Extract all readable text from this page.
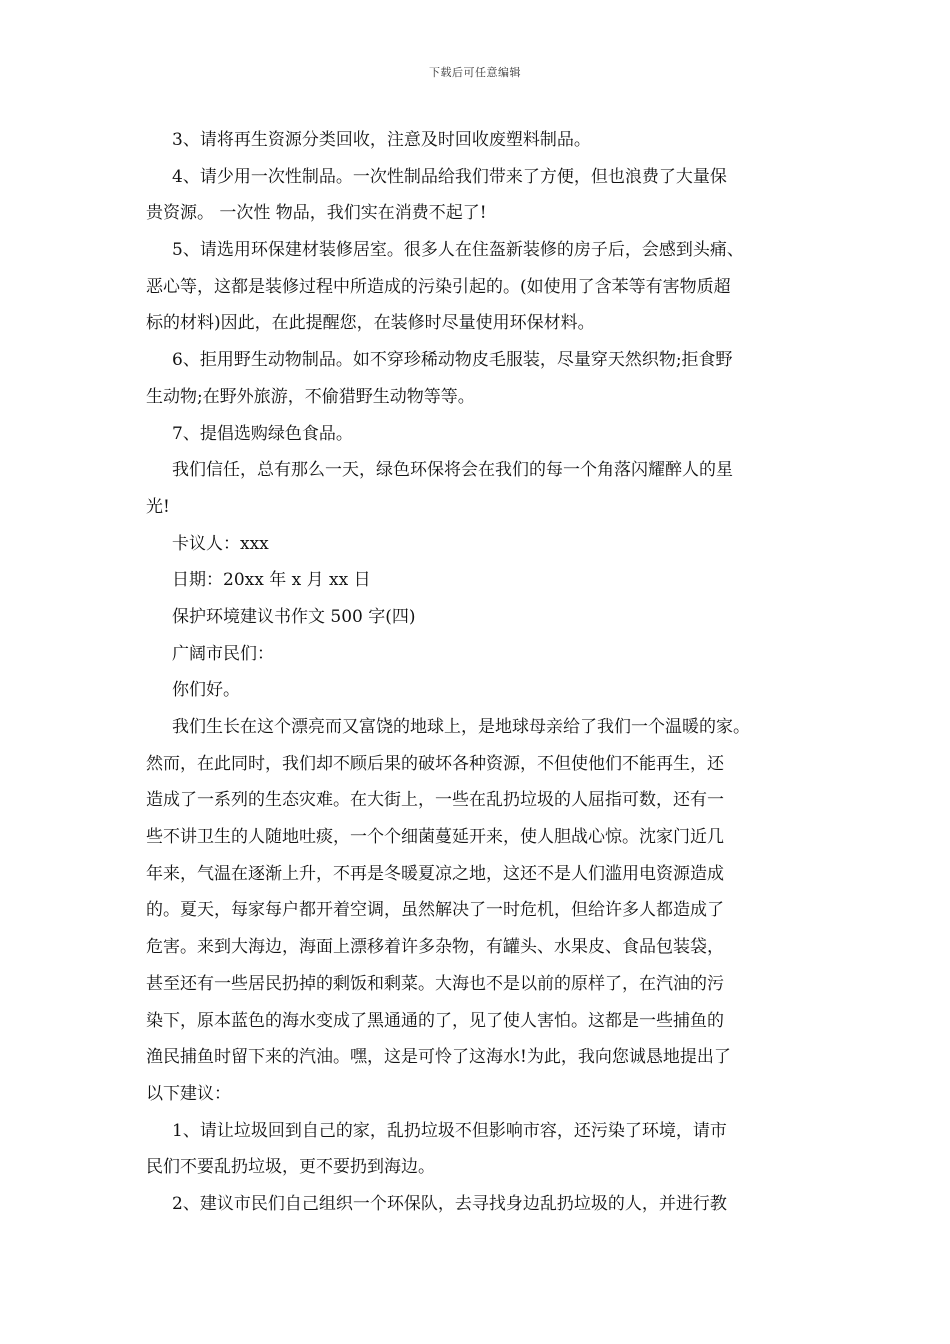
下载后可任意编辑
3、请将再生资源分类回收，注意及时回收废塑料制品。
4、请少用一次性制品。一次性制品给我们带来了方便，但也浪费了大量保
贵资源。 一次性 物品，我们实在消费不起了!
5、请选用环保建材装修居室。很多人在住盔新装修的房子后，会感到头痛、
恶心等，这都是装修过程中所造成的污染引起的。(如使用了含苯等有害物质超
标的材料)因此，在此提醒您，在装修时尽量使用环保材料。
6、拒用野生动物制品。如不穿珍稀动物皮毛服装，尽量穿天然织物;拒食野
生动物;在野外旅游，不偷猎野生动物等等。
7、提倡选购绿色食品。
我们信任，总有那么一天，绿色环保将会在我们的每一个角落闪耀醉人的星
光!
卡议人：xxx
日期：20xx 年 x 月 xx 日
保护环境建议书作文 500 字(四)
广阔市民们：
你们好。
我们生长在这个漂亮而又富饶的地球上，是地球母亲给了我们一个温暖的家。
然而，在此同时，我们却不顾后果的破坏各种资源，不但使他们不能再生，还
造成了一系列的生态灾难。在大街上，一些在乱扔垃圾的人屈指可数，还有一
些不讲卫生的人随地吐痰，一个个细菌蔓延开来，使人胆战心惊。沈家门近几
年来，气温在逐渐上升，不再是冬暖夏凉之地，这还不是人们滥用电资源造成
的。夏天，每家每户都开着空调，虽然解决了一时危机，但给许多人都造成了
危害。来到大海边，海面上漂移着许多杂物，有罐头、水果皮、食品包装袋，
甚至还有一些居民扔掉的剩饭和剩菜。大海也不是以前的原样了，在汽油的污
染下，原本蓝色的海水变成了黑通通的了，见了使人害怕。这都是一些捕鱼的
渔民捕鱼时留下来的汽油。嘿，这是可怜了这海水!为此，我向您诚恳地提出了
以下建议：
1、请让垃圾回到自己的家，乱扔垃圾不但影响市容，还污染了环境，请市
民们不要乱扔垃圾，更不要扔到海边。
2、建议市民们自己组织一个环保队，去寻找身边乱扔垃圾的人，并进行教
